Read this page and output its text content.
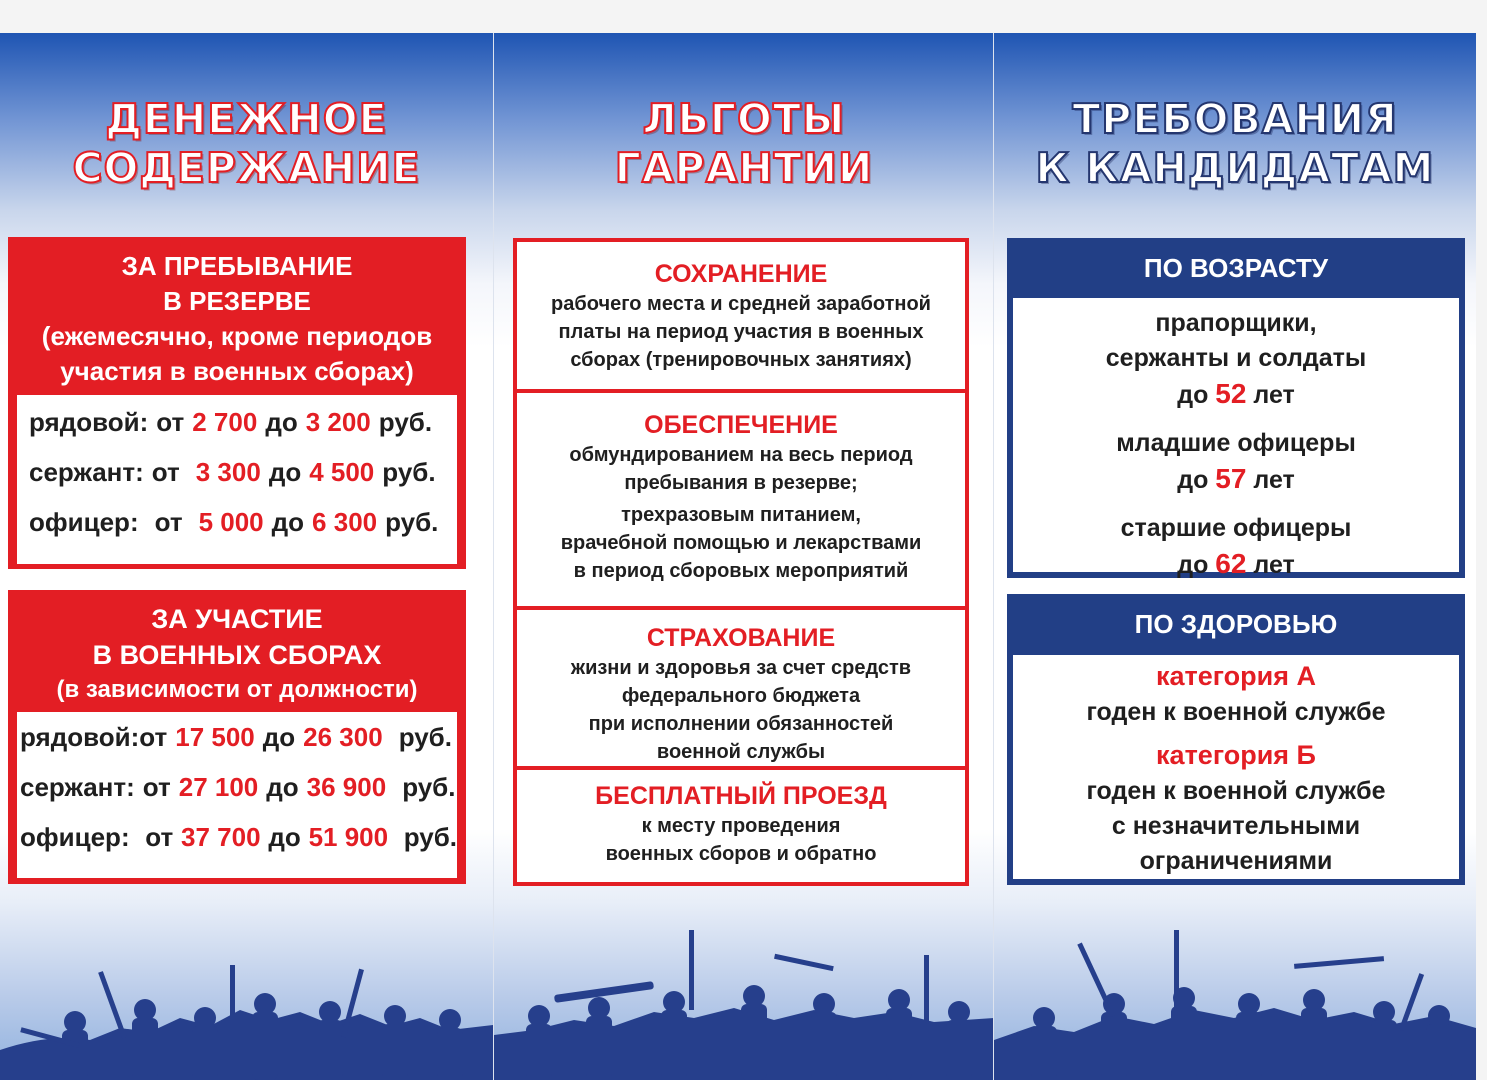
ДЕНЕЖНОЕ
СОДЕРЖАНИЕ
ЗА ПРЕБЫВАНИЕ
В РЕЗЕРВЕ
(ежемесячно, кроме периодов
участия в военных сборах)
рядовой: от 2 700 до 3 200 руб.
сержант: от 3 300 до 4 500 руб.
офицер: от 5 000 до 6 300 руб.
ЗА УЧАСТИЕ
В ВОЕННЫХ СБОРАХ
(в зависимости от должности)
рядовой: от 17 500 до 26 300 руб.
сержант: от 27 100 до 36 900 руб.
офицер: от 37 700 до 51 900 руб.
ЛЬГОТЫ
ГАРАНТИИ
СОХРАНЕНИЕ
рабочего места и средней заработной
платы на период участия в военных
сборах (тренировочных занятиях)
ОБЕСПЕЧЕНИЕ
обмундированием на весь период
пребывания в резерве;
трехразовым питанием,
врачебной помощью и лекарствами
в период сборовых мероприятий
СТРАХОВАНИЕ
жизни и здоровья за счет средств
федерального бюджета
при исполнении обязанностей
военной службы
БЕСПЛАТНЫЙ ПРОЕЗД
к месту проведения
военных сборов и обратно
ТРЕБОВАНИЯ
К КАНДИДАТАМ
ПО ВОЗРАСТУ
прапорщики,
сержанты и солдаты
до 52 лет
младшие офицеры
до 57 лет
старшие офицеры
до 62 лет
ПО ЗДОРОВЬЮ
категория А
годен к военной службе
категория Б
годен к военной службе
с незначительными
ограничениями
